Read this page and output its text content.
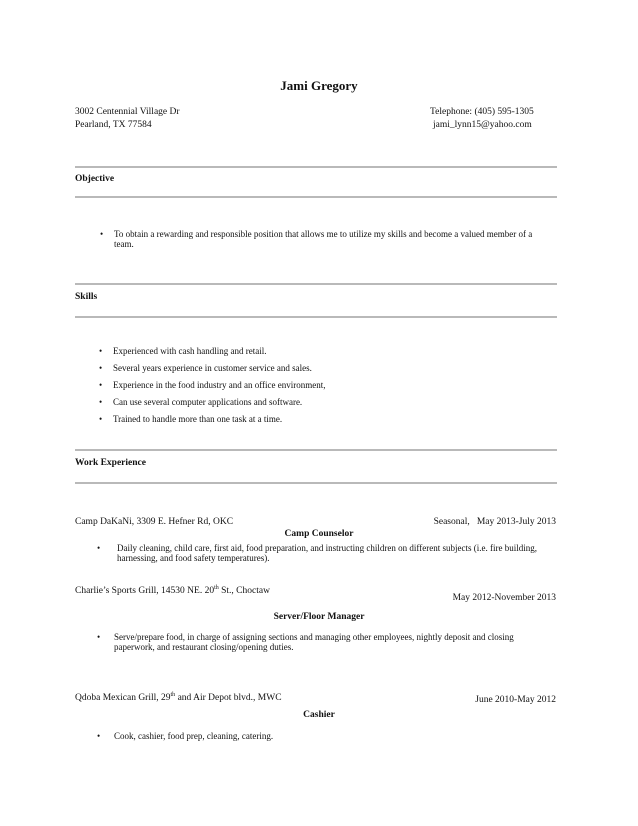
Jami Gregory
3002 Centennial Village Dr
Pearland, TX 77584
Telephone: (405) 595-1305
jami_lynn15@yahoo.com
Objective
• To obtain a rewarding and responsible position that allows me to utilize my skills and become a valued member of a team.
Skills
• Experienced with cash handling and retail.
• Several years experience in customer service and sales.
• Experience in the food industry and an office environment,
• Can use several computer applications and software.
• Trained to handle more than one task at a time.
Work Experience
Camp DaKaNi, 3309 E. Hefner Rd, OKC	Seasonal,   May 2013-July 2013
Camp Counselor
• Daily cleaning, child care, first aid, food preparation, and instructing children on different subjects (i.e. fire building, harnessing, and food safety temperatures).
Charlie’s Sports Grill, 14530 NE. 20th St., Choctaw
May 2012-November 2013
Server/Floor Manager
• Serve/prepare food, in charge of assigning sections and managing other employees, nightly deposit and closing paperwork, and restaurant closing/opening duties.
Qdoba Mexican Grill, 29th and Air Depot blvd., MWC	June 2010-May 2012
Cashier
• Cook, cashier, food prep, cleaning, catering.
